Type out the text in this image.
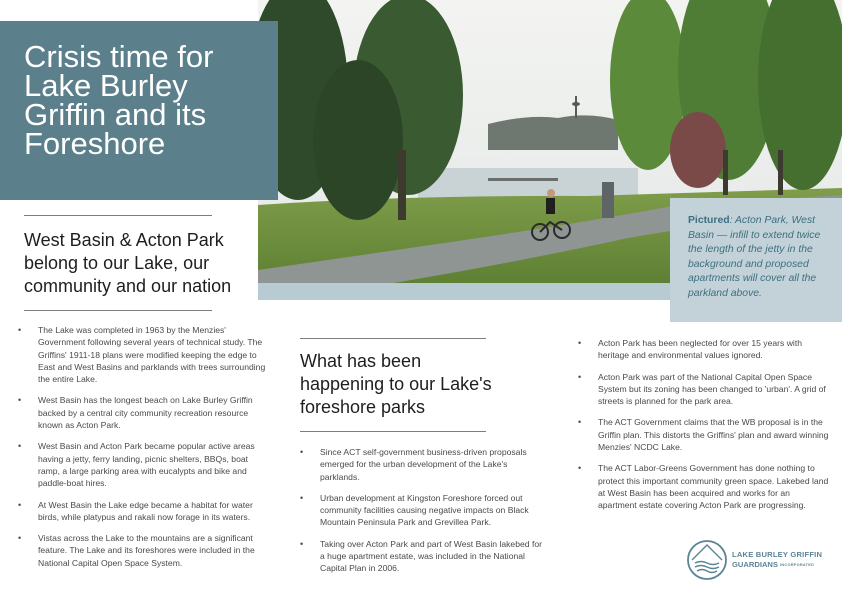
Crisis time for Lake Burley Griffin and its Foreshore
West Basin & Acton Park belong to our Lake, our community and our nation
• The Lake was completed in 1963 by the Menzies' Government following several years of technical study. The Griffins' 1911-18 plans were modified keeping the edge to East and West Basins and parklands with trees surrounding the entire Lake.
• West Basin has the longest beach on Lake Burley Griffin backed by a central city community recreation resource known as Acton Park.
• West Basin and Acton Park became popular active areas having a jetty, ferry landing, picnic shelters, BBQs, boat ramp, a large parking area with eucalypts and bike and paddle-boat hires.
• At West Basin the Lake edge became a habitat for water birds, while platypus and rakali now forage in its waters.
• Vistas across the Lake to the mountains are a significant feature. The Lake and its foreshores were included in the National Capital Open Space System.
What has been happening to our Lake's foreshore parks
• Since ACT self-government business-driven proposals emerged for the urban development of the Lake's parklands.
• Urban development at Kingston Foreshore forced out community facilities causing negative impacts on Black Mountain Peninsula Park and Grevillea Park.
• Taking over Acton Park and part of West Basin lakebed for a huge apartment estate, was included in the National Capital Plan in 2006.
• Acton Park has been neglected for over 15 years with heritage and environmental values ignored.
• Acton Park was part of the National Capital Open Space System but its zoning has been changed to 'urban'. A grid of streets is planned for the park area.
• The ACT Government claims that the WB proposal is in the Griffin plan. This distorts the Griffins' plan and award winning Menzies' NCDC Lake.
• The ACT Labor-Greens Government has done nothing to protect this important community green space. Lakebed land at West Basin has been acquired and works for an apartment estate covering Acton Park are progressing.

Pictured: Acton Park, West Basin — infill to extend twice the length of the jetty in the background and proposed apartments will cover all the parkland above.

LAKE BURLEY GRIFFIN
GUARDIANS INCORPORATED
